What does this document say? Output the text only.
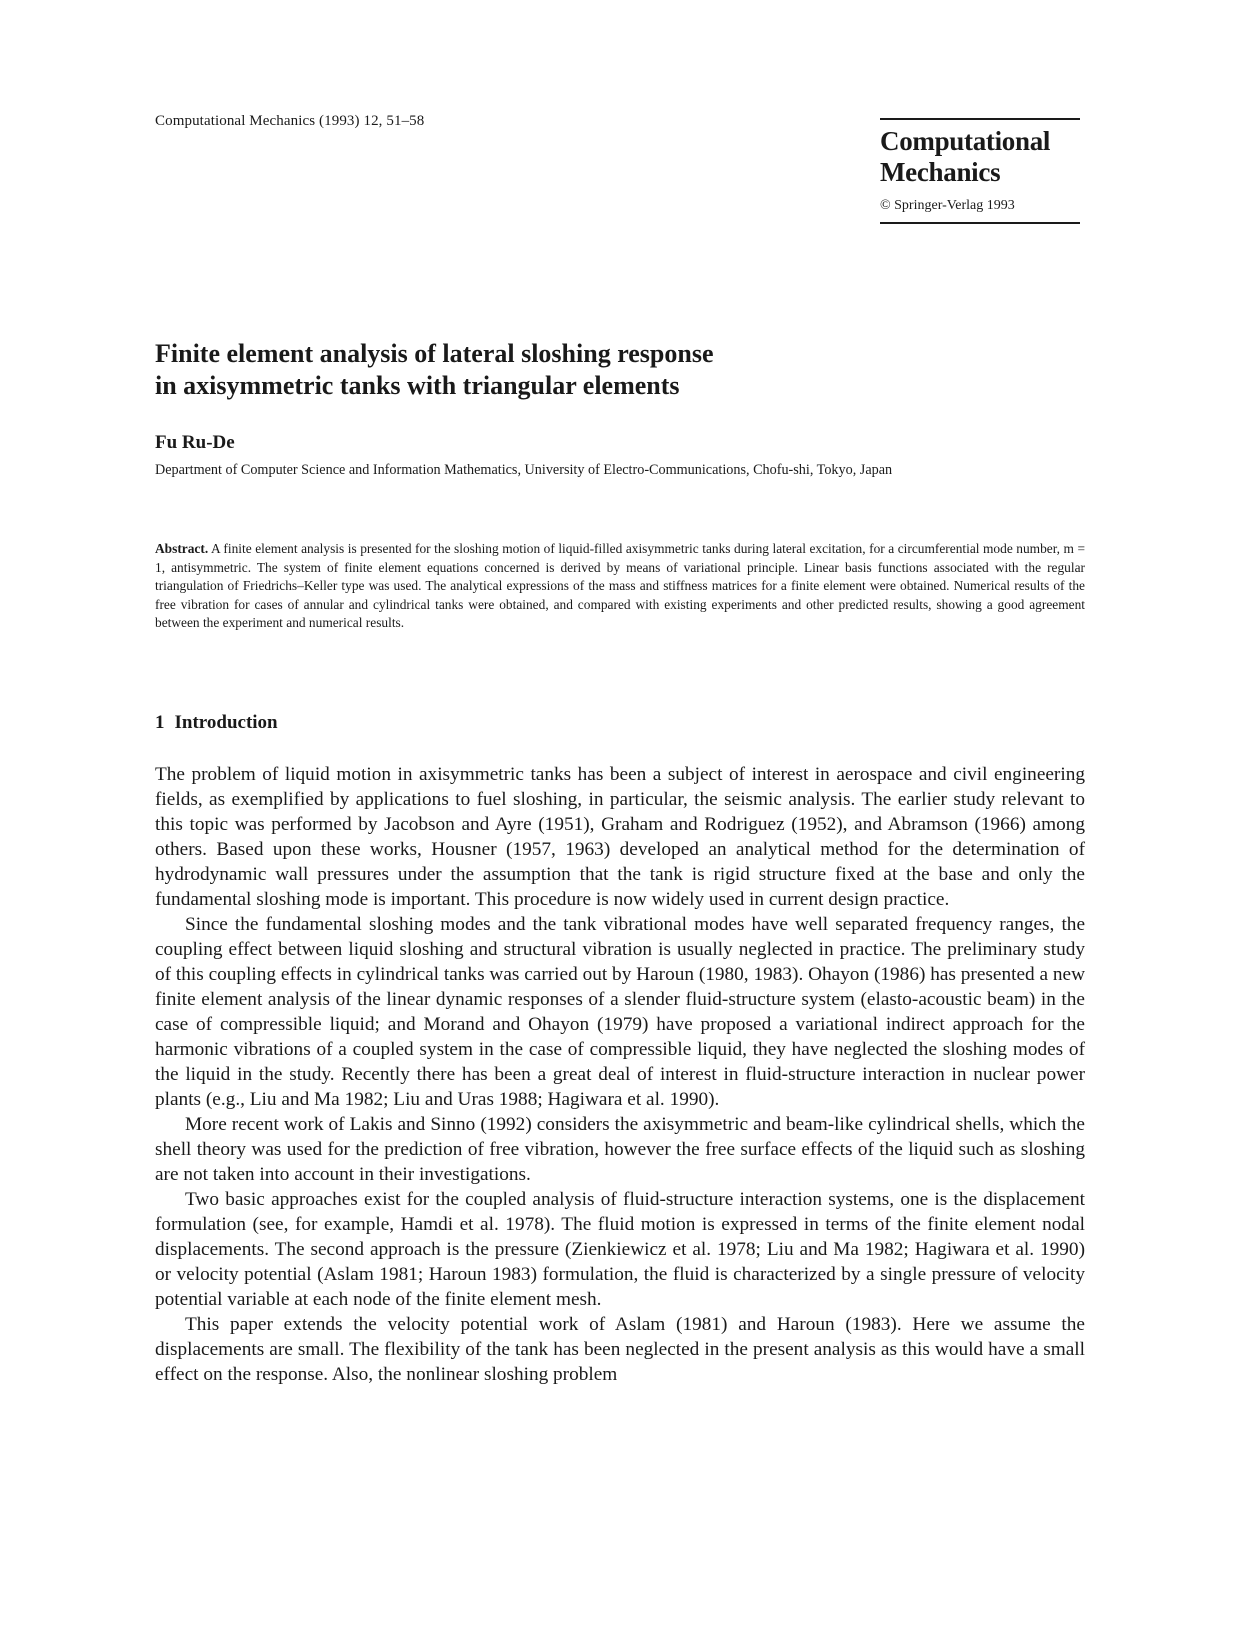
Computational Mechanics (1993) 12, 51–58
Computational
Mechanics
© Springer-Verlag 1993
Finite element analysis of lateral sloshing response
in axisymmetric tanks with triangular elements
Fu Ru-De
Department of Computer Science and Information Mathematics, University of Electro-Communications, Chofu-shi, Tokyo, Japan
Abstract. A finite element analysis is presented for the sloshing motion of liquid-filled axisymmetric tanks during lateral excitation, for a circumferential mode number, m = 1, antisymmetric. The system of finite element equations concerned is derived by means of variational principle. Linear basis functions associated with the regular triangulation of Friedrichs–Keller type was used. The analytical expressions of the mass and stiffness matrices for a finite element were obtained. Numerical results of the free vibration for cases of annular and cylindrical tanks were obtained, and compared with existing experiments and other predicted results, showing a good agreement between the experiment and numerical results.
1 Introduction

The problem of liquid motion in axisymmetric tanks has been a subject of interest in aerospace and civil engineering fields, as exemplified by applications to fuel sloshing, in particular, the seismic analysis. The earlier study relevant to this topic was performed by Jacobson and Ayre (1951), Graham and Rodriguez (1952), and Abramson (1966) among others. Based upon these works, Housner (1957, 1963) developed an analytical method for the determination of hydrodynamic wall pressures under the assumption that the tank is rigid structure fixed at the base and only the fundamental sloshing mode is important. This procedure is now widely used in current design practice.

Since the fundamental sloshing modes and the tank vibrational modes have well separated frequency ranges, the coupling effect between liquid sloshing and structural vibration is usually neglected in practice. The preliminary study of this coupling effects in cylindrical tanks was carried out by Haroun (1980, 1983). Ohayon (1986) has presented a new finite element analysis of the linear dynamic responses of a slender fluid-structure system (elasto-acoustic beam) in the case of compressible liquid; and Morand and Ohayon (1979) have proposed a variational indirect approach for the harmonic vibrations of a coupled system in the case of compressible liquid, they have neglected the sloshing modes of the liquid in the study. Recently there has been a great deal of interest in fluid-structure interaction in nuclear power plants (e.g., Liu and Ma 1982; Liu and Uras 1988; Hagiwara et al. 1990).

More recent work of Lakis and Sinno (1992) considers the axisymmetric and beam-like cylindrical shells, which the shell theory was used for the prediction of free vibration, however the free surface effects of the liquid such as sloshing are not taken into account in their investigations.

Two basic approaches exist for the coupled analysis of fluid-structure interaction systems, one is the displacement formulation (see, for example, Hamdi et al. 1978). The fluid motion is expressed in terms of the finite element nodal displacements. The second approach is the pressure (Zienkiewicz et al. 1978; Liu and Ma 1982; Hagiwara et al. 1990) or velocity potential (Aslam 1981; Haroun 1983) formulation, the fluid is characterized by a single pressure of velocity potential variable at each node of the finite element mesh.

This paper extends the velocity potential work of Aslam (1981) and Haroun (1983). Here we assume the displacements are small. The flexibility of the tank has been neglected in the present analysis as this would have a small effect on the response. Also, the nonlinear sloshing problem
